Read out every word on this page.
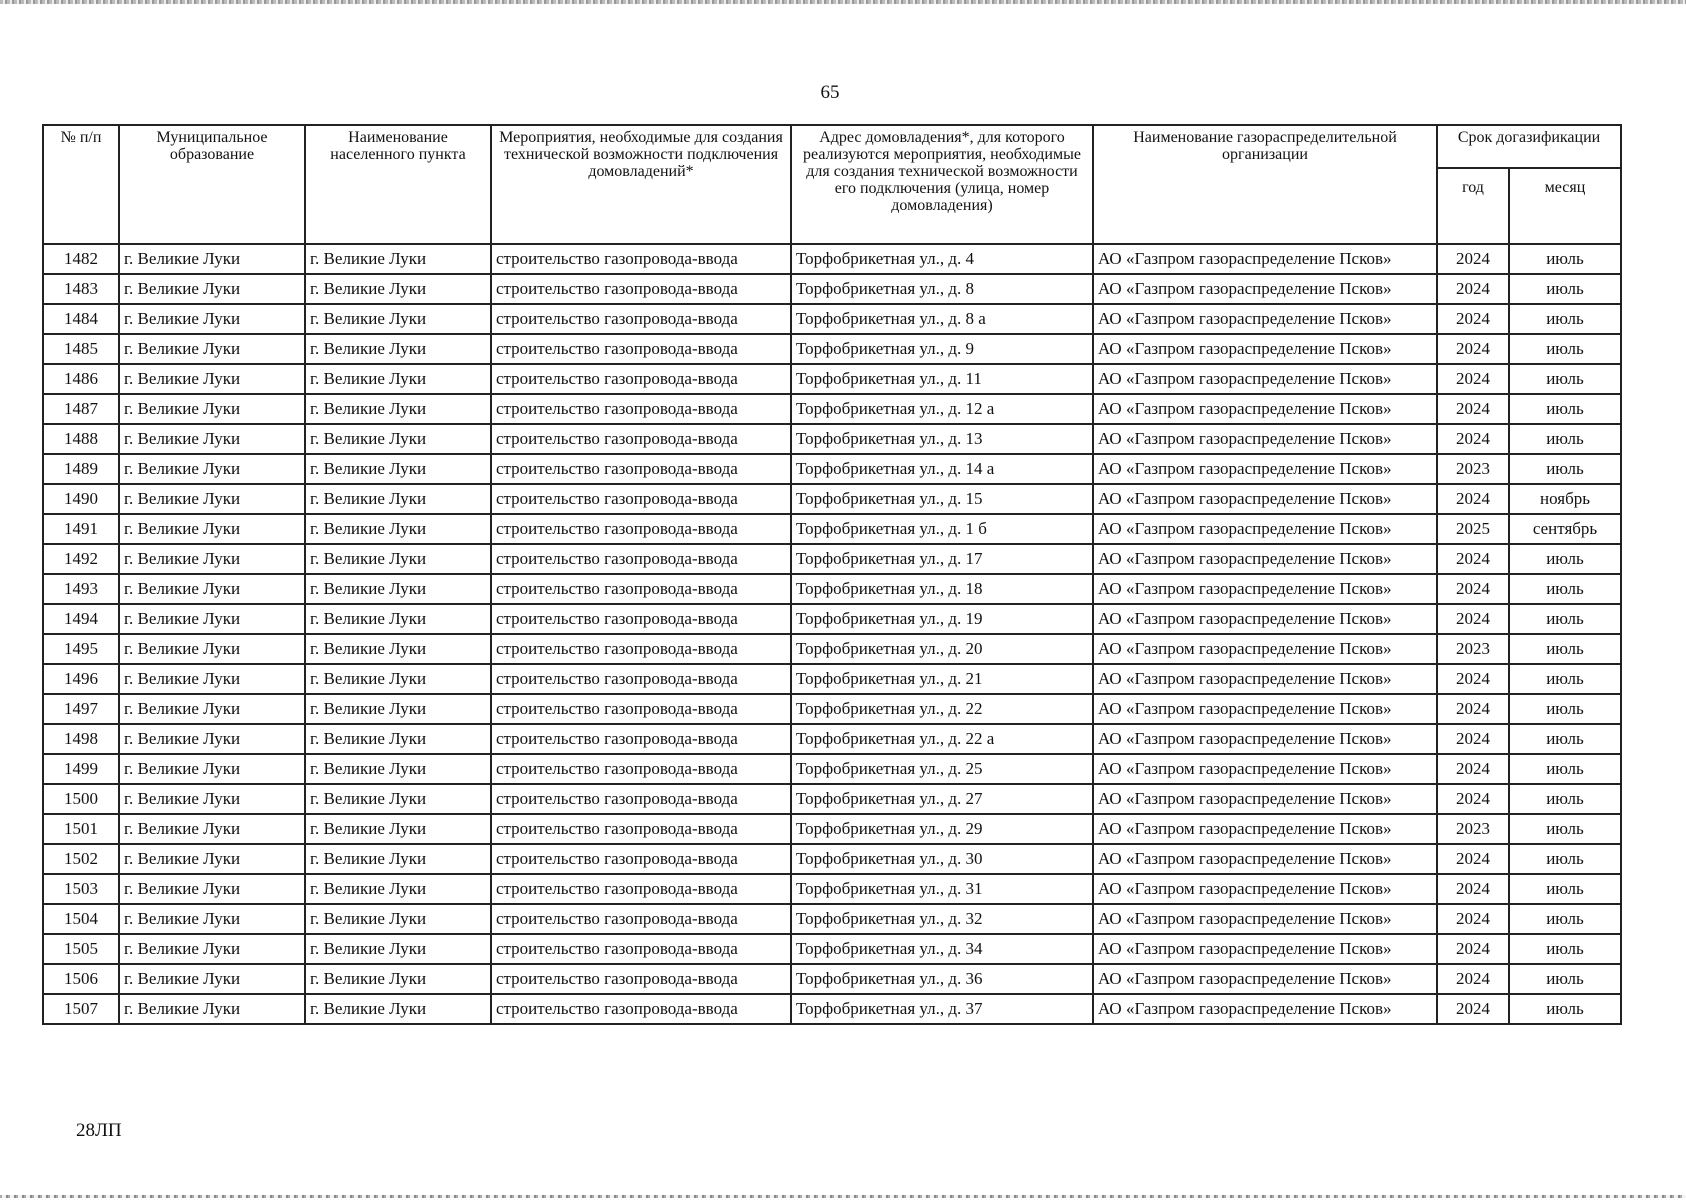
65
№ п/п	Муниципальное образование	Наименование населенного пункта	Мероприятия, необходимые для создания технической возможности подключения домовладений*	Адрес домовладения*, для которого реализуются мероприятия, необходимые для создания технической возможности его подключения (улица, номер домовладения)	Наименование газораспределительной организации	Срок догазификации	
						год	месяц
1482	г. Великие Луки	г. Великие Луки	строительство газопровода-ввода	Торфобрикетная ул., д. 4	АО «Газпром газораспределение Псков»	2024	июль
1483	г. Великие Луки	г. Великие Луки	строительство газопровода-ввода	Торфобрикетная ул., д. 8	АО «Газпром газораспределение Псков»	2024	июль
1484	г. Великие Луки	г. Великие Луки	строительство газопровода-ввода	Торфобрикетная ул., д. 8 а	АО «Газпром газораспределение Псков»	2024	июль
1485	г. Великие Луки	г. Великие Луки	строительство газопровода-ввода	Торфобрикетная ул., д. 9	АО «Газпром газораспределение Псков»	2024	июль
1486	г. Великие Луки	г. Великие Луки	строительство газопровода-ввода	Торфобрикетная ул., д. 11	АО «Газпром газораспределение Псков»	2024	июль
1487	г. Великие Луки	г. Великие Луки	строительство газопровода-ввода	Торфобрикетная ул., д. 12 а	АО «Газпром газораспределение Псков»	2024	июль
1488	г. Великие Луки	г. Великие Луки	строительство газопровода-ввода	Торфобрикетная ул., д. 13	АО «Газпром газораспределение Псков»	2024	июль
1489	г. Великие Луки	г. Великие Луки	строительство газопровода-ввода	Торфобрикетная ул., д. 14 а	АО «Газпром газораспределение Псков»	2023	июль
1490	г. Великие Луки	г. Великие Луки	строительство газопровода-ввода	Торфобрикетная ул., д. 15	АО «Газпром газораспределение Псков»	2024	ноябрь
1491	г. Великие Луки	г. Великие Луки	строительство газопровода-ввода	Торфобрикетная ул., д. 1 б	АО «Газпром газораспределение Псков»	2025	сентябрь
1492	г. Великие Луки	г. Великие Луки	строительство газопровода-ввода	Торфобрикетная ул., д. 17	АО «Газпром газораспределение Псков»	2024	июль
1493	г. Великие Луки	г. Великие Луки	строительство газопровода-ввода	Торфобрикетная ул., д. 18	АО «Газпром газораспределение Псков»	2024	июль
1494	г. Великие Луки	г. Великие Луки	строительство газопровода-ввода	Торфобрикетная ул., д. 19	АО «Газпром газораспределение Псков»	2024	июль
1495	г. Великие Луки	г. Великие Луки	строительство газопровода-ввода	Торфобрикетная ул., д. 20	АО «Газпром газораспределение Псков»	2023	июль
1496	г. Великие Луки	г. Великие Луки	строительство газопровода-ввода	Торфобрикетная ул., д. 21	АО «Газпром газораспределение Псков»	2024	июль
1497	г. Великие Луки	г. Великие Луки	строительство газопровода-ввода	Торфобрикетная ул., д. 22	АО «Газпром газораспределение Псков»	2024	июль
1498	г. Великие Луки	г. Великие Луки	строительство газопровода-ввода	Торфобрикетная ул., д. 22 а	АО «Газпром газораспределение Псков»	2024	июль
1499	г. Великие Луки	г. Великие Луки	строительство газопровода-ввода	Торфобрикетная ул., д. 25	АО «Газпром газораспределение Псков»	2024	июль
1500	г. Великие Луки	г. Великие Луки	строительство газопровода-ввода	Торфобрикетная ул., д. 27	АО «Газпром газораспределение Псков»	2024	июль
1501	г. Великие Луки	г. Великие Луки	строительство газопровода-ввода	Торфобрикетная ул., д. 29	АО «Газпром газораспределение Псков»	2023	июль
1502	г. Великие Луки	г. Великие Луки	строительство газопровода-ввода	Торфобрикетная ул., д. 30	АО «Газпром газораспределение Псков»	2024	июль
1503	г. Великие Луки	г. Великие Луки	строительство газопровода-ввода	Торфобрикетная ул., д. 31	АО «Газпром газораспределение Псков»	2024	июль
1504	г. Великие Луки	г. Великие Луки	строительство газопровода-ввода	Торфобрикетная ул., д. 32	АО «Газпром газораспределение Псков»	2024	июль
1505	г. Великие Луки	г. Великие Луки	строительство газопровода-ввода	Торфобрикетная ул., д. 34	АО «Газпром газораспределение Псков»	2024	июль
1506	г. Великие Луки	г. Великие Луки	строительство газопровода-ввода	Торфобрикетная ул., д. 36	АО «Газпром газораспределение Псков»	2024	июль
1507	г. Великие Луки	г. Великие Луки	строительство газопровода-ввода	Торфобрикетная ул., д. 37	АО «Газпром газораспределение Псков»	2024	июль
28ЛП
